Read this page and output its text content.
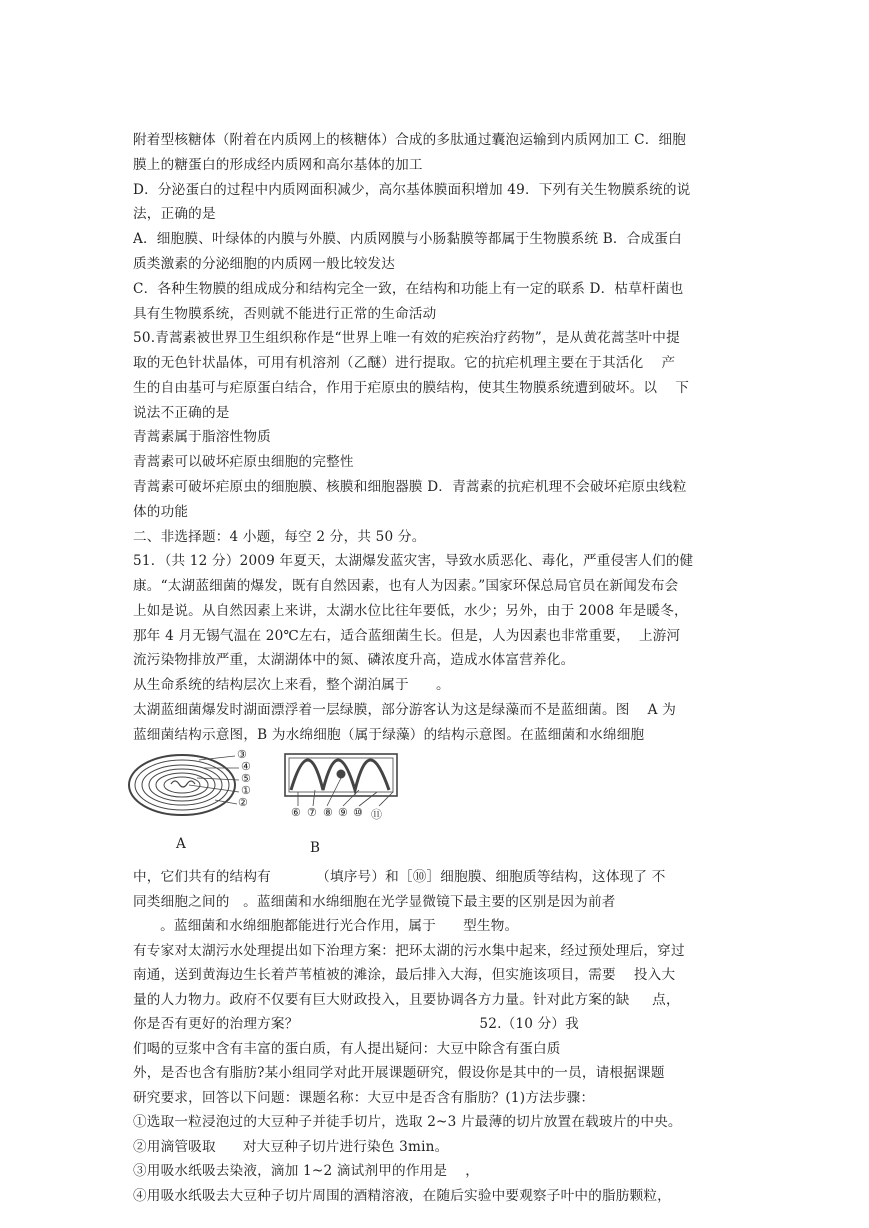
附着型核糖体（附着在内质网上的核糖体）合成的多肽通过囊泡运输到内质网加工 C．细胞
膜上的糖蛋白的形成经内质网和高尔基体的加工
D．分泌蛋白的过程中内质网面积减少，高尔基体膜面积增加 49．下列有关生物膜系统的说
法，正确的是
A．细胞膜、叶绿体的内膜与外膜、内质网膜与小肠黏膜等都属于生物膜系统 B．合成蛋白
质类激素的分泌细胞的内质网一般比较发达
C．各种生物膜的组成成分和结构完全一致，在结构和功能上有一定的联系 D．枯草杆菌也
具有生物膜系统，否则就不能进行正常的生命活动
50.青蒿素被世界卫生组织称作是“世界上唯一有效的疟疾治疗药物”，是从黄花蒿茎叶中提
取的无色针状晶体，可用有机溶剂（乙醚）进行提取。它的抗疟机理主要在于其活化    产
生的自由基可与疟原蛋白结合，作用于疟原虫的膜结构，使其生物膜系统遭到破坏。以    下
说法不正确的是
青蒿素属于脂溶性物质
青蒿素可以破坏疟原虫细胞的完整性
青蒿素可破坏疟原虫的细胞膜、核膜和细胞器膜 D．青蒿素的抗疟机理不会破坏疟原虫线粒
体的功能
二、非选择题：4 小题，每空 2 分，共 50 分。
51．（共 12 分）2009 年夏天，太湖爆发蓝灾害，导致水质恶化、毒化，严重侵害人们的健
康。“太湖蓝细菌的爆发，既有自然因素，也有人为因素。”国家环保总局官员在新闻发布会
上如是说。从自然因素上来讲，太湖水位比往年要低，水少；另外，由于 2008 年是暖冬，
那年 4 月无锡气温在 20℃左右，适合蓝细菌生长。但是，人为因素也非常重要，  上游河
流污染物排放严重，太湖湖体中的氮、磷浓度升高，造成水体富营养化。
从生命系统的结构层次上来看，整个湖泊属于      。
太湖蓝细菌爆发时湖面漂浮着一层绿膜，部分游客认为这是绿藻而不是蓝细菌。图    A 为
蓝细菌结构示意图，B 为水绵细胞（属于绿藻）的结构示意图。在蓝细菌和水绵细胞
③
④
⑤
①
②
⑥ ⑦ ⑧ ⑨ ⑩ ⑪
A	B
中，它们共有的结构有          （填序号）和［⑩］细胞膜、细胞质等结构，这体现了 不
同类细胞之间的   。蓝细菌和水绵细胞在光学显微镜下最主要的区别是因为前者
。蓝细菌和水绵细胞都能进行光合作用，属于      型生物。
有专家对太湖污水处理提出如下治理方案：把环太湖的污水集中起来，经过预处理后，穿过
南通，送到黄海边生长着芦苇植被的滩涂，最后排入大海，但实施该项目，需要    投入大
量的人力物力。政府不仅要有巨大财政投入，且要协调各方力量。针对此方案的缺     点，
你是否有更好的治理方案？                                        52.（10 分）我
们喝的豆浆中含有丰富的蛋白质，有人提出疑问：大豆中除含有蛋白质
外，是否也含有脂肪?某小组同学对此开展课题研究，假设你是其中的一员，请根据课题
研究要求，回答以下问题：课题名称：大豆中是否含有脂肪？(1)方法步骤：
①选取一粒浸泡过的大豆种子并徒手切片，选取 2~3 片最薄的切片放置在载玻片的中央。
②用滴管吸取      对大豆种子切片进行染色 3min。
③用吸水纸吸去染液，滴加 1~2 滴试剂甲的作用是    ，
④用吸水纸吸去大豆种子切片周围的酒精溶液，在随后实验中要观察子叶中的脂肪颗粒，
